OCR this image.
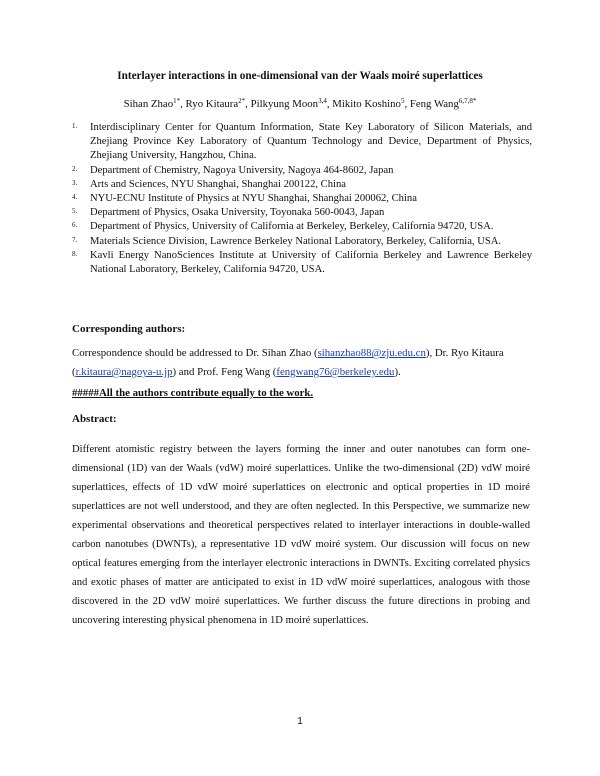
Interlayer interactions in one-dimensional van der Waals moiré superlattices
Sihan Zhao$^{1*}$, Ryo Kitaura$^{2*}$, Pilkyung Moon$^{3,4}$, Mikito Koshino$^5$, Feng Wang$^{6,7,8*}$
1.	Interdisciplinary Center for Quantum Information, State Key Laboratory of Silicon Materials, and Zhejiang Province Key Laboratory of Quantum Technology and Device, Department of Physics, Zhejiang University, Hangzhou, China.
2.	Department of Chemistry, Nagoya University, Nagoya 464-8602, Japan
3.	Arts and Sciences, NYU Shanghai, Shanghai 200122, China
4.	NYU-ECNU Institute of Physics at NYU Shanghai, Shanghai 200062, China
5.	Department of Physics, Osaka University, Toyonaka 560-0043, Japan
6.	Department of Physics, University of California at Berkeley, Berkeley, California 94720, USA.
7.	Materials Science Division, Lawrence Berkeley National Laboratory, Berkeley, California, USA.
8.	Kavli Energy NanoSciences Institute at University of California Berkeley and Lawrence Berkeley National Laboratory, Berkeley, California 94720, USA.
Corresponding authors:
Correspondence should be addressed to Dr. Sihan Zhao (sihanzhao88@zju.edu.cn), Dr. Ryo Kitaura (r.kitaura@nagoya-u.jp) and Prof. Feng Wang (fengwang76@berkeley.edu).
#####All the authors contribute equally to the work.
Abstract:
Different atomistic registry between the layers forming the inner and outer nanotubes can form one-dimensional (1D) van der Waals (vdW) moiré superlattices. Unlike the two-dimensional (2D) vdW moiré superlattices, effects of 1D vdW moiré superlattices on electronic and optical properties in 1D moiré superlattices are not well understood, and they are often neglected. In this Perspective, we summarize new experimental observations and theoretical perspectives related to interlayer interactions in double-walled carbon nanotubes (DWNTs), a representative 1D vdW moiré system. Our discussion will focus on new optical features emerging from the interlayer electronic interactions in DWNTs. Exciting correlated physics and exotic phases of matter are anticipated to exist in 1D vdW moiré superlattices, analogous with those discovered in the 2D vdW moiré superlattices. We further discuss the future directions in probing and uncovering interesting physical phenomena in 1D moiré superlattices.
1
